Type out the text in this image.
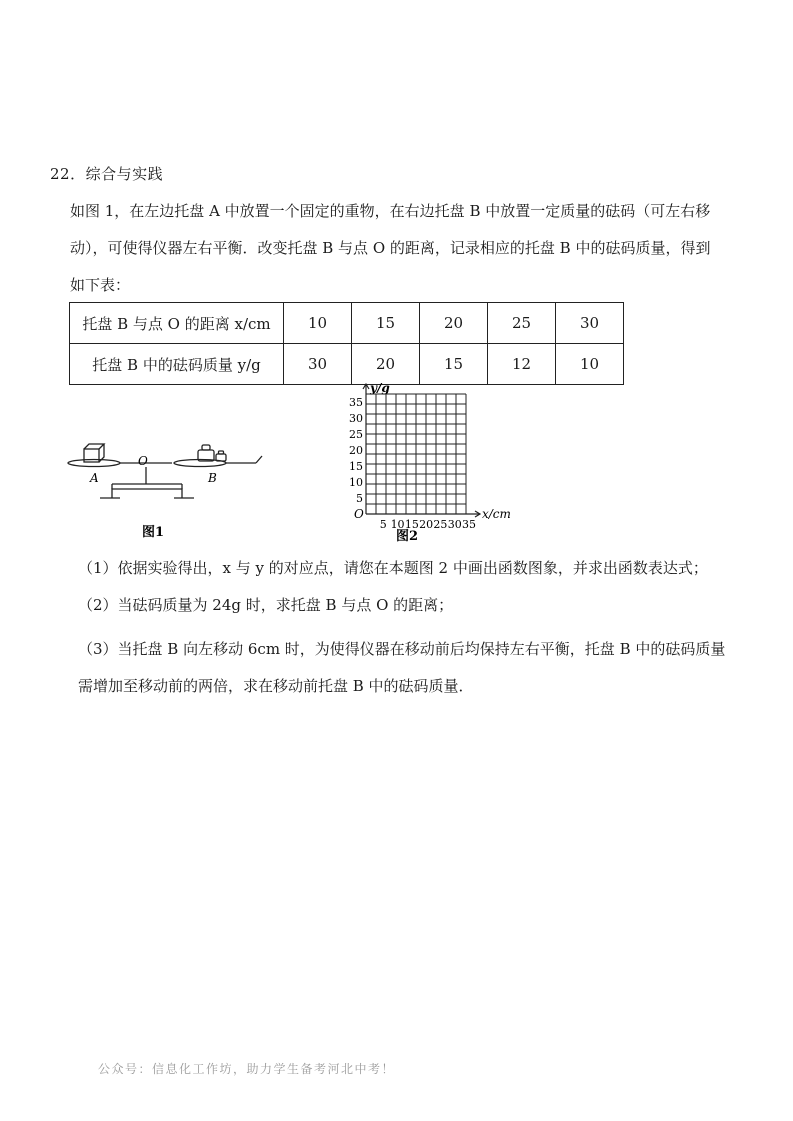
22．综合与实践
如图 1，在左边托盘 A 中放置一个固定的重物，在右边托盘 B 中放置一定质量的砝码（可左右移
动），可使得仪器左右平衡．改变托盘 B 与点 O 的距离，记录相应的托盘 B 中的砝码质量，得到
如下表：
托盘 B 与点 O 的距离 x/cm	10	15	20	25	30
托盘 B 中的砝码质量 y/g	30	20	15	12	10
A
O
B
图1
y/g
O	x/cm
35
30
25
20
15
10
5
5 10 15 20 25 30 35
图2
（1）依据实验得出，x 与 y 的对应点，请您在本题图 2 中画出函数图象，并求出函数表达式；
（2）当砝码质量为 24g 时，求托盘 B 与点 O 的距离；
（3）当托盘 B 向左移动 6cm 时，为使得仪器在移动前后均保持左右平衡，托盘 B 中的砝码质量
需增加至移动前的两倍，求在移动前托盘 B 中的砝码质量．
公众号：信息化工作坊，助力学生备考河北中考！
